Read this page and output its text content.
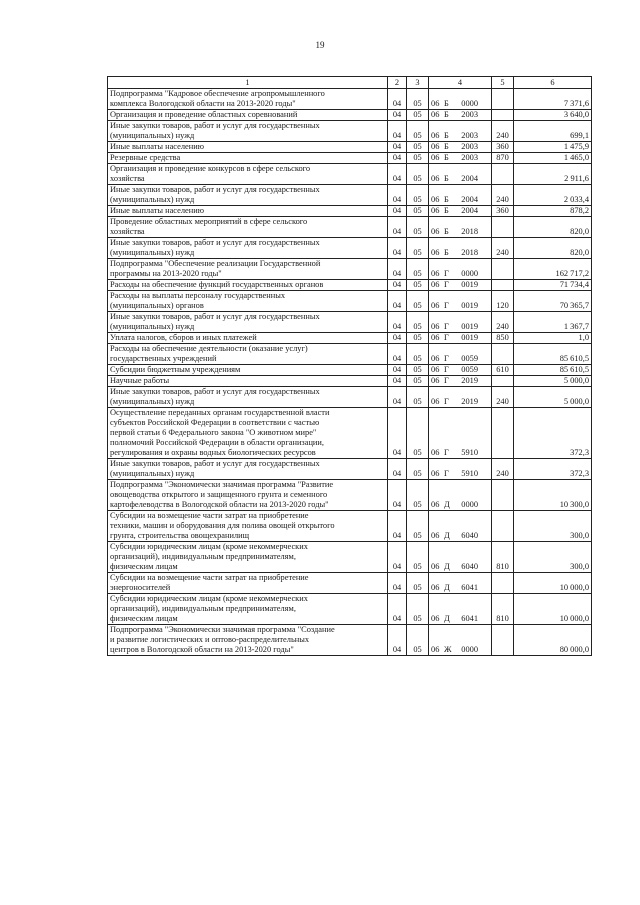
19
1	2	3	4	5	6

Подпрограмма "Кадровое обеспечение агропромышленного
комплекса Вологодской области на 2013-2020 годы"	04	05	06 Б 0000		7 371,6

Организация и проведение областных соревнований	04	05	06 Б 2003		3 640,0

Иные закупки товаров, работ и услуг для государственных
(муниципальных) нужд	04	05	06 Б 2003	240	699,1

Иные выплаты населению	04	05	06 Б 2003	360	1 475,9

Резервные средства	04	05	06 Б 2003	870	1 465,0

Организация и проведение конкурсов в сфере сельского
хозяйства	04	05	06 Б 2004		2 911,6

Иные закупки товаров, работ и услуг для государственных
(муниципальных) нужд	04	05	06 Б 2004	240	2 033,4

Иные выплаты населению	04	05	06 Б 2004	360	878,2

Проведение областных мероприятий в сфере сельского
хозяйства	04	05	06 Б 2018		820,0

Иные закупки товаров, работ и услуг для государственных
(муниципальных) нужд	04	05	06 Б 2018	240	820,0

Подпрограмма "Обеспечение реализации Государственной
программы на 2013-2020 годы"	04	05	06 Г 0000		162 717,2

Расходы на обеспечение функций государственных органов	04	05	06 Г 0019		71 734,4

Расходы на выплаты персоналу государственных
(муниципальных) органов	04	05	06 Г 0019	120	70 365,7

Иные закупки товаров, работ и услуг для государственных
(муниципальных) нужд	04	05	06 Г 0019	240	1 367,7

Уплата налогов, сборов и иных платежей	04	05	06 Г 0019	850	1,0

Расходы на обеспечение деятельности (оказание услуг)
государственных учреждений	04	05	06 Г 0059		85 610,5

Субсидии бюджетным учреждениям	04	05	06 Г 0059	610	85 610,5

Научные работы	04	05	06 Г 2019		5 000,0

Иные закупки товаров, работ и услуг для государственных
(муниципальных) нужд	04	05	06 Г 2019	240	5 000,0

Осуществление переданных органам государственной власти
субъектов Российской Федерации в соответствии с частью
первой статьи 6 Федерального закона "О животном мире"
полномочий Российской Федерации в области организации,
регулирования и охраны водных биологических ресурсов	04	05	06 Г 5910		372,3

Иные закупки товаров, работ и услуг для государственных
(муниципальных) нужд	04	05	06 Г 5910	240	372,3

Подпрограмма "Экономически значимая программа "Развитие
овощеводства открытого и защищенного грунта и семенного
картофелеводства в Вологодской области на 2013-2020 годы"	04	05	06 Д 0000		10 300,0

Субсидии на возмещение части затрат на приобретение
техники, машин и оборудования для полива овощей открытого
грунта, строительства овощехранилищ	04	05	06 Д 6040		300,0

Субсидии юридическим лицам (кроме некоммерческих
организаций), индивидуальным предпринимателям,
физическим лицам	04	05	06 Д 6040	810	300,0

Субсидии на возмещение части затрат на приобретение
энергоносителей	04	05	06 Д 6041		10 000,0

Субсидии юридическим лицам (кроме некоммерческих
организаций), индивидуальным предпринимателям,
физическим лицам	04	05	06 Д 6041	810	10 000,0

Подпрограмма "Экономически значимая программа "Создание
и развитие логистических и оптово-распределительных
центров в Вологодской области на 2013-2020 годы"	04	05	06 Ж 0000		80 000,0
